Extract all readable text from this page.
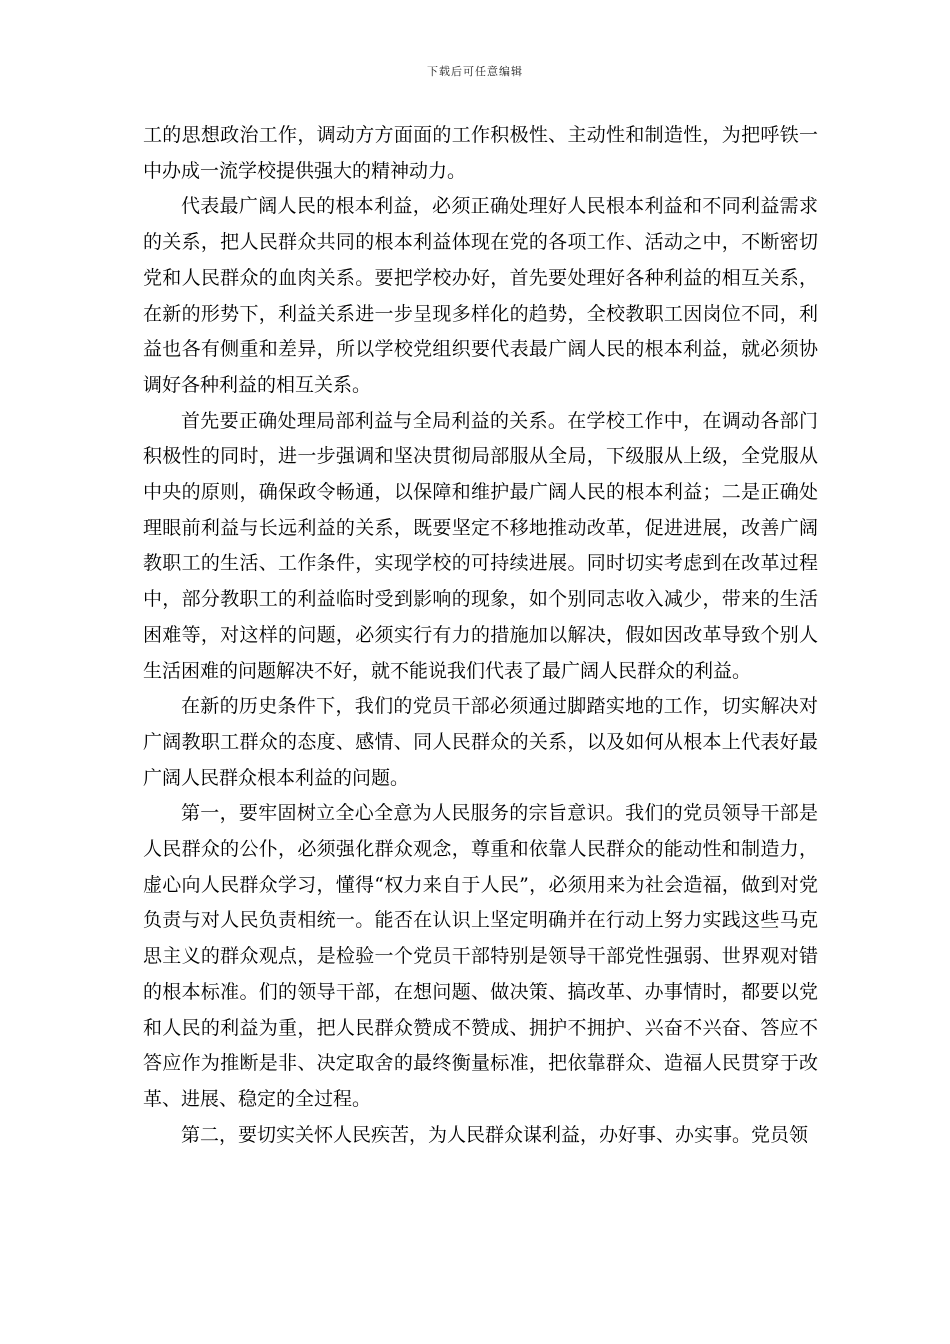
下载后可任意编辑

工的思想政治工作，调动方方面面的工作积极性、主动性和制造性，为把呼铁一中办成一流学校提供强大的精神动力。

代表最广阔人民的根本利益，必须正确处理好人民根本利益和不同利益需求的关系，把人民群众共同的根本利益体现在党的各项工作、活动之中，不断密切党和人民群众的血肉关系。要把学校办好，首先要处理好各种利益的相互关系，在新的形势下，利益关系进一步呈现多样化的趋势，全校教职工因岗位不同，利益也各有侧重和差异，所以学校党组织要代表最广阔人民的根本利益，就必须协调好各种利益的相互关系。

首先要正确处理局部利益与全局利益的关系。在学校工作中，在调动各部门积极性的同时，进一步强调和坚决贯彻局部服从全局，下级服从上级，全党服从中央的原则，确保政令畅通，以保障和维护最广阔人民的根本利益；二是正确处理眼前利益与长远利益的关系，既要坚定不移地推动改革，促进进展，改善广阔教职工的生活、工作条件，实现学校的可持续进展。同时切实考虑到在改革过程中，部分教职工的利益临时受到影响的现象，如个别同志收入减少，带来的生活困难等，对这样的问题，必须实行有力的措施加以解决，假如因改革导致个别人生活困难的问题解决不好，就不能说我们代表了最广阔人民群众的利益。

在新的历史条件下，我们的党员干部必须通过脚踏实地的工作，切实解决对广阔教职工群众的态度、感情、同人民群众的关系，以及如何从根本上代表好最广阔人民群众根本利益的问题。

第一，要牢固树立全心全意为人民服务的宗旨意识。我们的党员领导干部是人民群众的公仆，必须强化群众观念，尊重和依靠人民群众的能动性和制造力，虚心向人民群众学习，懂得“权力来自于人民”，必须用来为社会造福，做到对党负责与对人民负责相统一。能否在认识上坚定明确并在行动上努力实践这些马克思主义的群众观点，是检验一个党员干部特别是领导干部党性强弱、世界观对错的根本标准。们的领导干部，在想问题、做决策、搞改革、办事情时，都要以党和人民的利益为重，把人民群众赞成不赞成、拥护不拥护、兴奋不兴奋、答应不答应作为推断是非、决定取舍的最终衡量标准，把依靠群众、造福人民贯穿于改革、进展、稳定的全过程。

第二，要切实关怀人民疾苦，为人民群众谋利益，办好事、办实事。党员领
